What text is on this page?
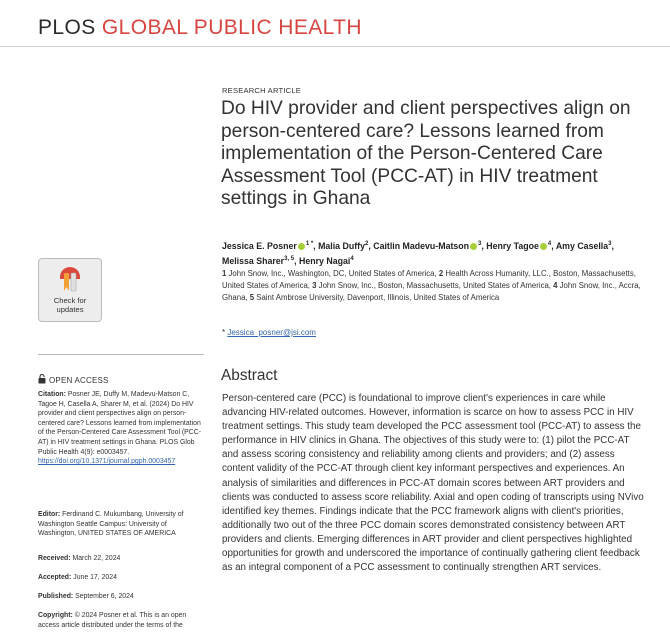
PLOS GLOBAL PUBLIC HEALTH
RESEARCH ARTICLE
Do HIV provider and client perspectives align on person-centered care? Lessons learned from implementation of the Person-Centered Care Assessment Tool (PCC-AT) in HIV treatment settings in Ghana
Jessica E. Posner $^{1 *}$, Malia Duffy$^2$, Caitlin Madevu-Matson $^3$, Henry Tagoe $^4$, Amy Casella$^3$, Melissa Sharer$^{3, 5}$, Henry Nagai$^4$
1 John Snow, Inc., Washington, DC, United States of America, 2 Health Across Humanity, LLC., Boston, Massachusetts, United States of America, 3 John Snow, Inc., Boston, Massachusetts, United States of America, 4 John Snow, Inc., Accra, Ghana, 5 Saint Ambrose University, Davenport, Illinois, United States of America
* Jessica_posner@jsi.com
Abstract

Person-centered care (PCC) is foundational to improve client's experiences in care while advancing HIV-related outcomes. However, information is scarce on how to assess PCC in HIV treatment settings. This study team developed the PCC assessment tool (PCC-AT) to assess the performance in HIV clinics in Ghana. The objectives of this study were to: (1) pilot the PCC-AT and assess scoring consistency and reliability among clients and providers; and (2) assess content validity of the PCC-AT through client key informant perspectives and experiences. An analysis of similarities and differences in PCC-AT domain scores between ART providers and clients was conducted to assess score reliability. Axial and open coding of transcripts using NVivo identified key themes. Findings indicate that the PCC framework aligns with client's priorities, additionally two out of the three PCC domain scores demonstrated consistency between ART providers and clients. Emerging differences in ART provider and client perspectives highlighted opportunities for growth and underscored the importance of continually gathering client feedback as an integral component of a PCC assessment to continually strengthen ART services.

Check for
updates
OPEN ACCESS
Citation: Posner JE, Duffy M, Madevu-Matson C, Tagoe H, Casella A, Sharer M, et al. (2024) Do HIV provider and client perspectives align on person-centered care? Lessons learned from implementation of the Person-Centered Care Assessment Tool (PCC-AT) in HIV treatment settings in Ghana. PLOS Glob Public Health 4(9): e0003457. https://doi.org/10.1371/journal.pgph.0003457
Editor: Ferdinand C. Mukumbang, University of Washington Seattle Campus: University of Washington, UNITED STATES OF AMERICA
Received: March 22, 2024
Accepted: June 17, 2024
Published: September 6, 2024
Copyright: © 2024 Posner et al. This is an open access article distributed under the terms of the
